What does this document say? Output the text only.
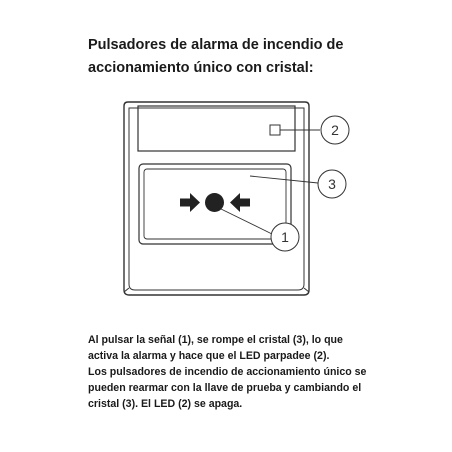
Pulsadores de alarma de incendio de
accionamiento único con cristal:
2
3
1

Al pulsar la señal (1), se rompe el cristal (3), lo que
activa la alarma y hace que el LED parpadee (2).
Los pulsadores de incendio de accionamiento único se
pueden rearmar con la llave de prueba y cambiando el
cristal (3). El LED (2) se apaga.
